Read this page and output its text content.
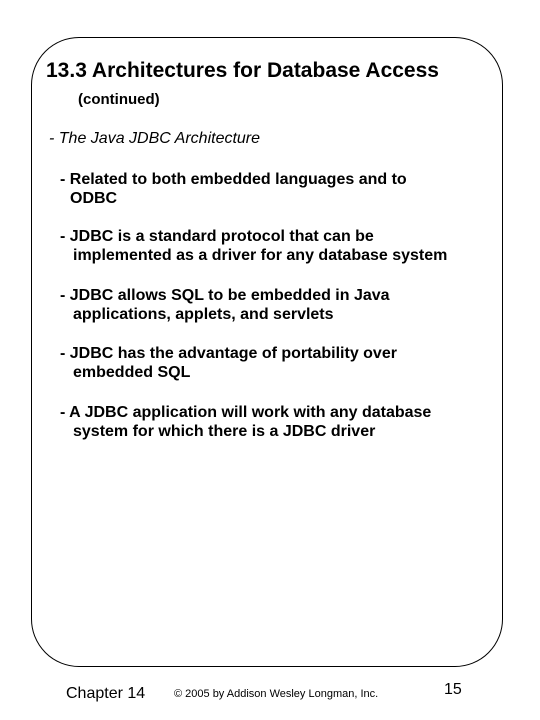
13.3 Architectures for Database Access
(continued)
- The Java JDBC Architecture
- Related to both embedded languages and to
ODBC
- JDBC is a standard protocol that can be
implemented as a driver for any database system
- JDBC allows SQL to be embedded in Java
applications, applets, and servlets
- JDBC has the advantage of portability over
embedded SQL
- A JDBC application will work with any database
system for which there is a JDBC driver
Chapter 14	© 2005 by Addison Wesley Longman, Inc.	15
